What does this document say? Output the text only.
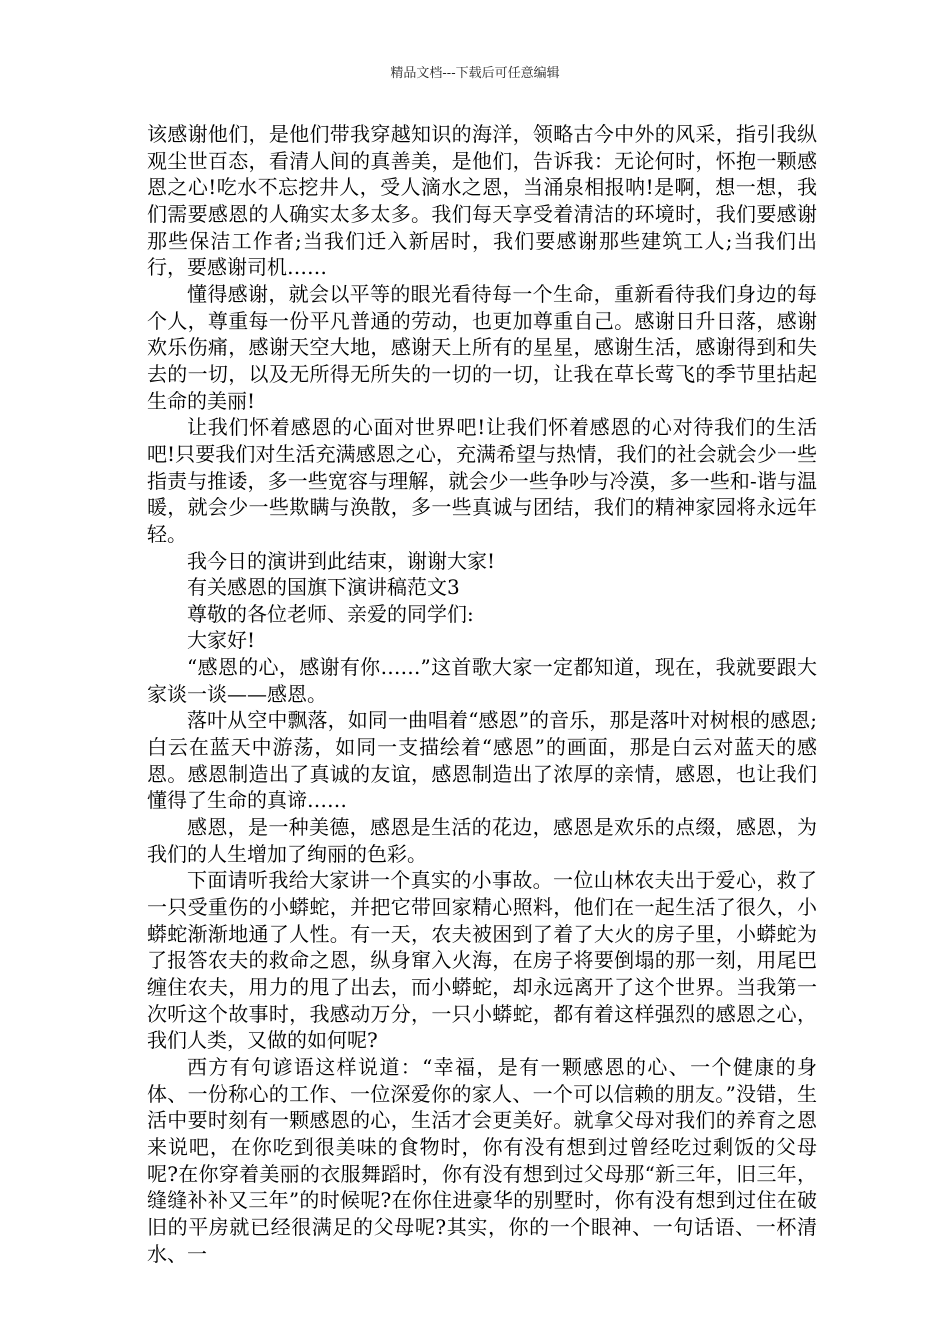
精品文档---下载后可任意编辑

该感谢他们，是他们带我穿越知识的海洋，领略古今中外的风采，指引我纵观尘世百态，看清人间的真善美，是他们，告诉我：无论何时，怀抱一颗感恩之心!吃水不忘挖井人，受人滴水之恩，当涌泉相报呐!是啊，想一想，我们需要感恩的人确实太多太多。我们每天享受着清洁的环境时，我们要感谢那些保洁工作者;当我们迁入新居时，我们要感谢那些建筑工人;当我们出行，要感谢司机……

懂得感谢，就会以平等的眼光看待每一个生命，重新看待我们身边的每个人，尊重每一份平凡普通的劳动，也更加尊重自己。感谢日升日落，感谢欢乐伤痛，感谢天空大地，感谢天上所有的星星，感谢生活，感谢得到和失去的一切，以及无所得无所失的一切的一切，让我在草长莺飞的季节里拈起生命的美丽!

让我们怀着感恩的心面对世界吧!让我们怀着感恩的心对待我们的生活吧!只要我们对生活充满感恩之心，充满希望与热情，我们的社会就会少一些指责与推诿，多一些宽容与理解，就会少一些争吵与冷漠，多一些和-谐与温暖，就会少一些欺瞒与涣散，多一些真诚与团结，我们的精神家园将永远年轻。

我今日的演讲到此结束，谢谢大家!

有关感恩的国旗下演讲稿范文3

尊敬的各位老师、亲爱的同学们:

大家好!

“感恩的心，感谢有你……”这首歌大家一定都知道，现在，我就要跟大家谈一谈——感恩。

落叶从空中飘落，如同一曲唱着“感恩”的音乐，那是落叶对树根的感恩;白云在蓝天中游荡，如同一支描绘着“感恩”的画面，那是白云对蓝天的感恩。感恩制造出了真诚的友谊，感恩制造出了浓厚的亲情，感恩，也让我们懂得了生命的真谛……

感恩，是一种美德，感恩是生活的花边，感恩是欢乐的点缀，感恩，为我们的人生增加了绚丽的色彩。

下面请听我给大家讲一个真实的小事故。一位山林农夫出于爱心，救了一只受重伤的小蟒蛇，并把它带回家精心照料，他们在一起生活了很久，小蟒蛇渐渐地通了人性。有一天，农夫被困到了着了大火的房子里，小蟒蛇为了报答农夫的救命之恩，纵身窜入火海，在房子将要倒塌的那一刻，用尾巴缠住农夫，用力的甩了出去，而小蟒蛇，却永远离开了这个世界。当我第一次听这个故事时，我感动万分，一只小蟒蛇，都有着这样强烈的感恩之心，我们人类，又做的如何呢?

西方有句谚语这样说道：“幸福，是有一颗感恩的心、一个健康的身体、一份称心的工作、一位深爱你的家人、一个可以信赖的朋友。”没错，生活中要时刻有一颗感恩的心，生活才会更美好。就拿父母对我们的养育之恩来说吧，在你吃到很美味的食物时，你有没有想到过曾经吃过剩饭的父母呢?在你穿着美丽的衣服舞蹈时，你有没有想到过父母那“新三年，旧三年，缝缝补补又三年”的时候呢?在你住进豪华的别墅时，你有没有想到过住在破旧的平房就已经很满足的父母呢?其实，你的一个眼神、一句话语、一杯清水、一
